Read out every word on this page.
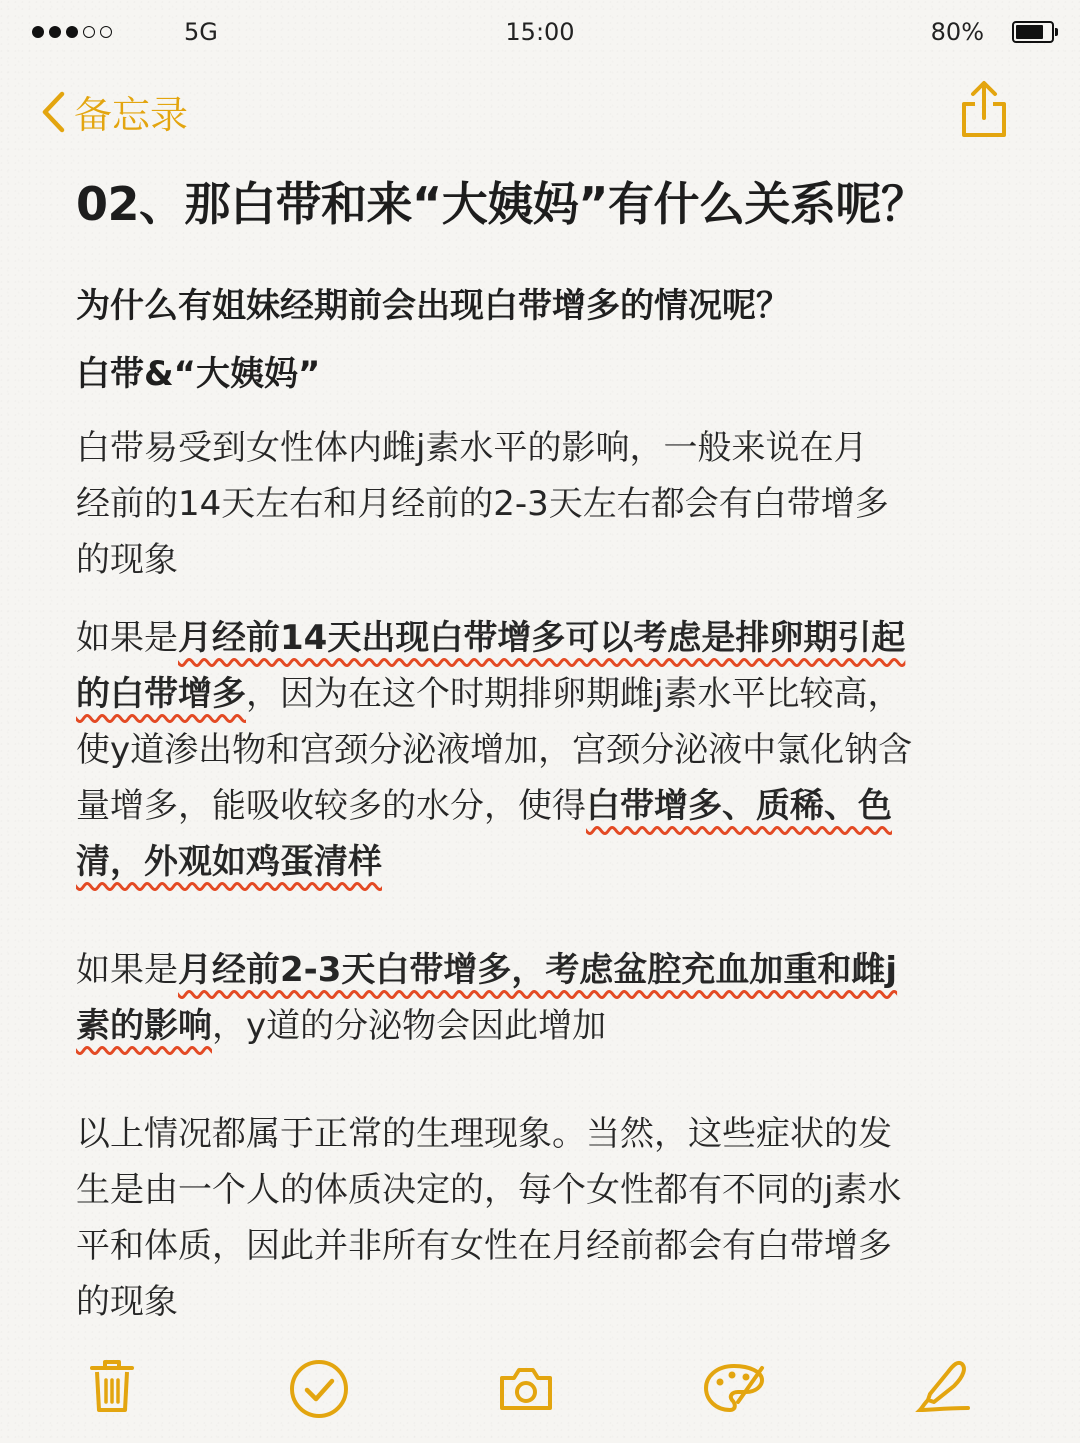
5G	15:00	80%
备忘录
02、那白带和来“大姨妈”有什么关系呢？
为什么有姐妹经期前会出现白带增多的情况呢？
白带&“大姨妈”
白带易受到女性体内雌j素水平的影响，一般来说在月
经前的14天左右和月经前的2-3天左右都会有白带增多
的现象
如果是月经前14天出现白带增多可以考虑是排卵期引起
的白带增多，因为在这个时期排卵期雌j素水平比较高，
使y道渗出物和宫颈分泌液增加，宫颈分泌液中氯化钠含
量增多，能吸收较多的水分，使得白带增多、质稀、色
清，外观如鸡蛋清样
如果是月经前2-3天白带增多，考虑盆腔充血加重和雌j
素的影响，y道的分泌物会因此增加
以上情况都属于正常的生理现象。当然，这些症状的发
生是由一个人的体质决定的，每个女性都有不同的j素水
平和体质，因此并非所有女性在月经前都会有白带增多
的现象
